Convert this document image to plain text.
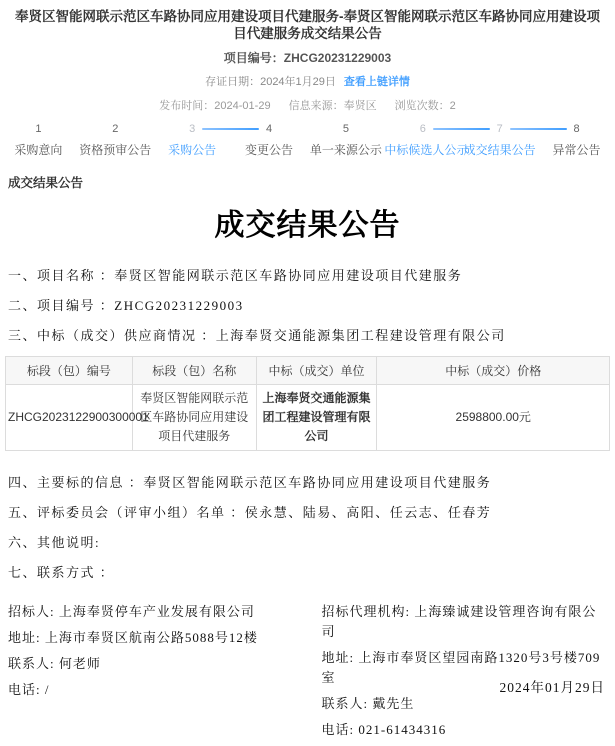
奉贤区智能网联示范区车路协同应用建设项目代建服务-奉贤区智能网联示范区车路协同应用建设项目代建服务成交结果公告
项目编号：ZHCG20231229003
存证日期：2024年1月29日 查看上链详情
发布时间：2024-01-29 信息来源：奉贤区 浏览次数：2
1
采购意向
2
资格预审公告
3
采购公告
4
变更公告
5
单一来源公示
6
中标候选人公示
7
成交结果公告
8
异常公告
成交结果公告
成交结果公告
一、项目名称 ：奉贤区智能网联示范区车路协同应用建设项目代建服务
二、项目编号 ：ZHCG20231229003
三、中标（成交）供应商情况 ：上海奉贤交通能源集团工程建设管理有限公司
标段（包）编号	标段（包）名称	中标（成交）单位	中标（成交）价格
ZHCG2023122900300001	奉贤区智能网联示范区车路协同应用建设项目代建服务	上海奉贤交通能源集团工程建设管理有限公司	2598800.00元
四、主要标的信息 ：奉贤区智能网联示范区车路协同应用建设项目代建服务
五、评标委员会（评审小组）名单 ：侯永慧、陆易、高阳、任云志、任春芳
六、其他说明:
七、联系方式 ：
招标人: 上海奉贤停车产业发展有限公司
地址: 上海市奉贤区航南公路5088号12楼
联系人: 何老师
电话: /
招标代理机构: 上海臻诚建设管理咨询有限公司
地址: 上海市奉贤区望园南路1320号3号楼709室
联系人: 戴先生
电话: 021-61434316
2024年01月29日
